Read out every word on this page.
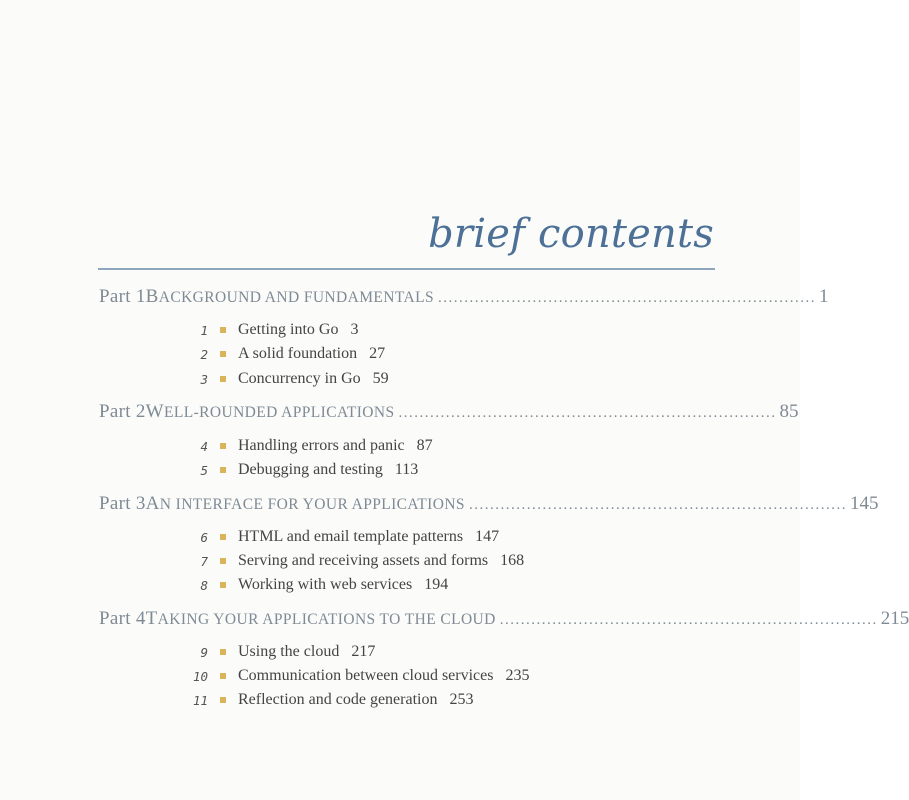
brief contents
Part 1 BACKGROUND AND FUNDAMENTALS ........................................................................ 1
1 Getting into Go 3
2 A solid foundation 27
3 Concurrency in Go 59
Part 2 WELL-ROUNDED APPLICATIONS ........................................................................ 85
4 Handling errors and panic 87
5 Debugging and testing 113
Part 3 AN INTERFACE FOR YOUR APPLICATIONS ........................................................................ 145
6 HTML and email template patterns 147
7 Serving and receiving assets and forms 168
8 Working with web services 194
Part 4 TAKING YOUR APPLICATIONS TO THE CLOUD ........................................................................ 215
9 Using the cloud 217
10 Communication between cloud services 235
11 Reflection and code generation 253
